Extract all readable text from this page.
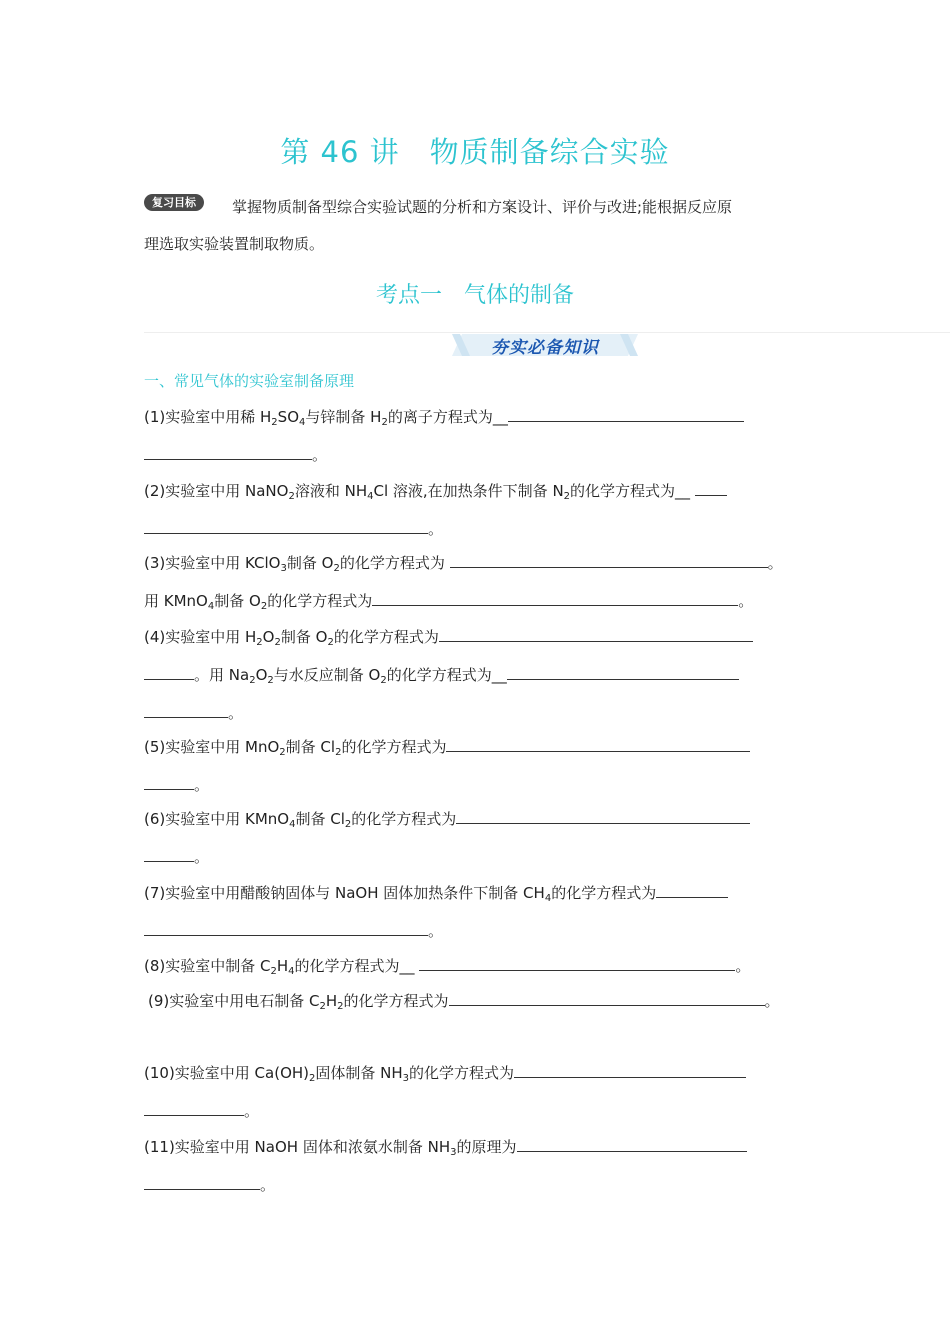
第 46 讲　物质制备综合实验
复习目标	掌握物质制备型综合实验试题的分析和方案设计、评价与改进;能根据反应原
理选取实验装置制取物质。
考点一　气体的制备
夯实必备知识
一、常见气体的实验室制备原理
(1)实验室中用稀 $H_2SO_4$与锌制备 $H_2$的离子方程式为__
。
(2)实验室中用 NaNO$_2$溶液和 $NH_4Cl$ 溶液,在加热条件下制备 $N_2$的化学方程式为__
。
(3)实验室中用 KClO$_3$制备 $O_2$的化学方程式为	。
用 KMnO$_4$制备 $O_2$的化学方程式为	。
(4)实验室中用 $H_2O_2$制备 $O_2$的化学方程式为
。用 $Na_2O_2$与水反应制备 $O_2$的化学方程式为__
。
(5)实验室中用 MnO$_2$制备 $Cl_2$的化学方程式为
。
(6)实验室中用 KMnO$_4$制备 $Cl_2$的化学方程式为
。
(7)实验室中用醋酸钠固体与 NaOH 固体加热条件下制备 $CH_4$的化学方程式为
。
(8)实验室中制备 $C_2H_4$的化学方程式为__	。
(9)实验室中用电石制备 $C_2H_2$的化学方程式为	。
(10)实验室中用 $Ca(OH)_2$固体制备 $NH_3$的化学方程式为
。
(11)实验室中用 NaOH 固体和浓氨水制备 $NH_3$的原理为
。
